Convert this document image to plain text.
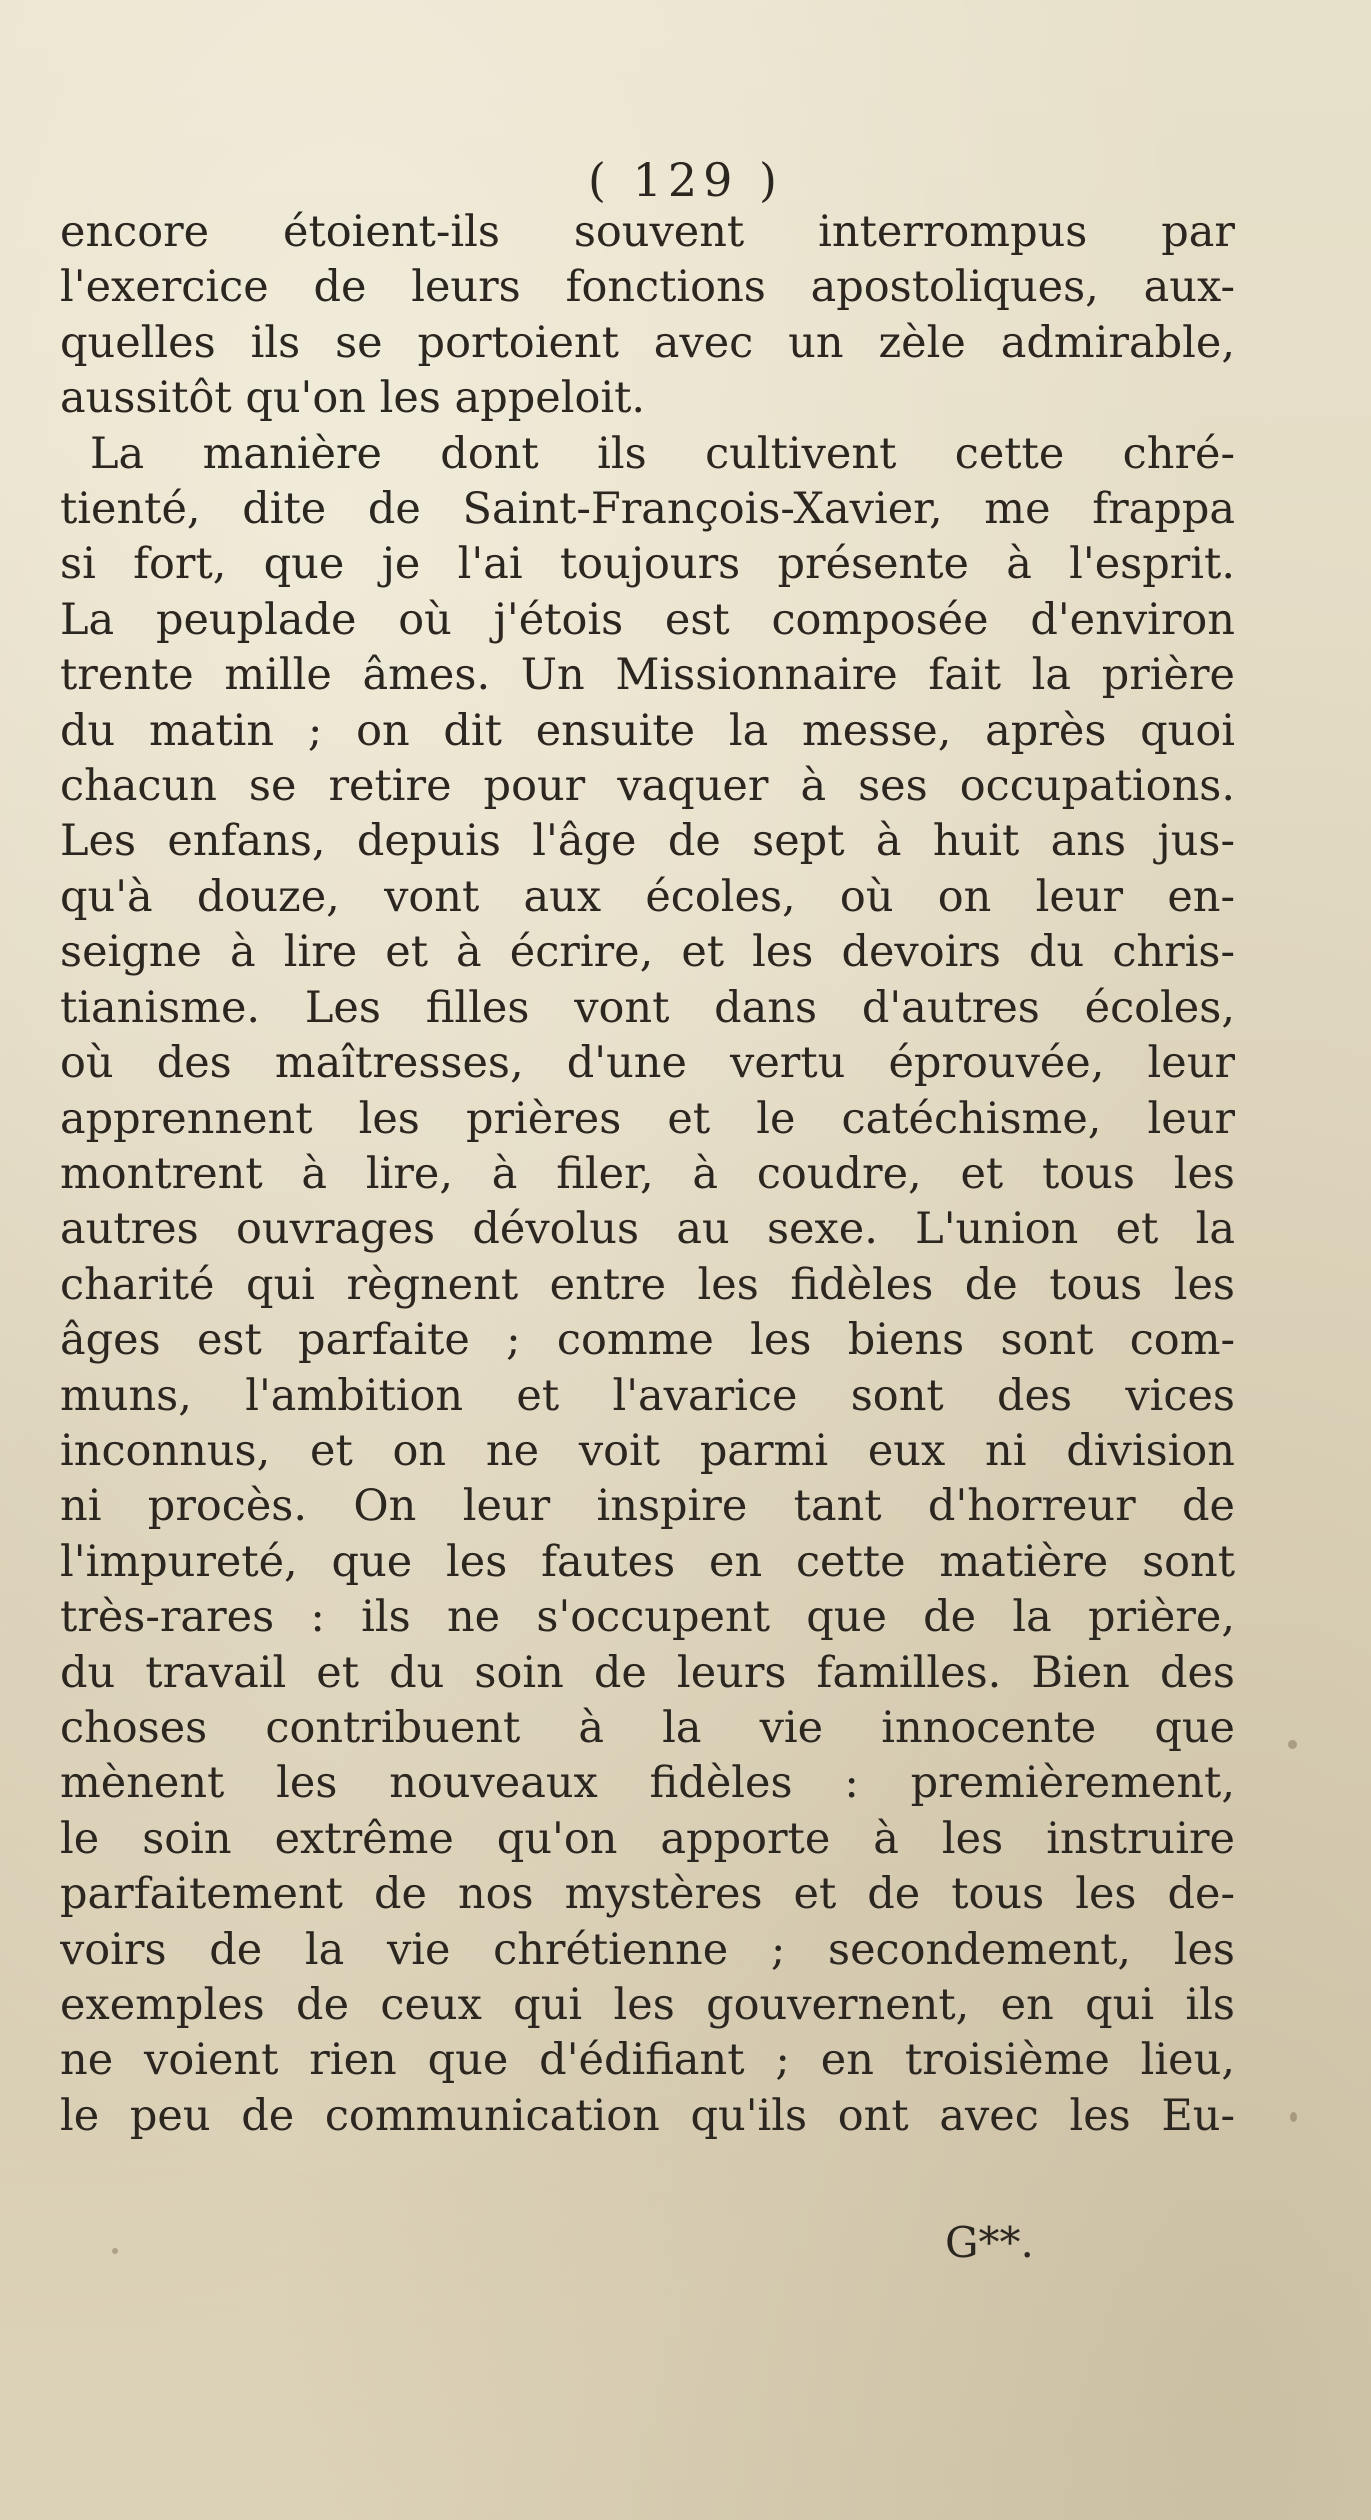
( 129 )
encore étoient-ils souvent interrompus par
l'exercice de leurs fonctions apostoliques, aux-
quelles ils se portoient avec un zèle admirable,
aussitôt qu'on les appeloit.
La manière dont ils cultivent cette chré-
tienté, dite de Saint-François-Xavier, me frappa
si fort, que je l'ai toujours présente à l'esprit.
La peuplade où j'étois est composée d'environ
trente mille âmes. Un Missionnaire fait la prière
du matin ; on dit ensuite la messe, après quoi
chacun se retire pour vaquer à ses occupations.
Les enfans, depuis l'âge de sept à huit ans jus-
qu'à douze, vont aux écoles, où on leur en-
seigne à lire et à écrire, et les devoirs du chris-
tianisme. Les filles vont dans d'autres écoles,
où des maîtresses, d'une vertu éprouvée, leur
apprennent les prières et le catéchisme, leur
montrent à lire, à filer, à coudre, et tous les
autres ouvrages dévolus au sexe. L'union et la
charité qui règnent entre les fidèles de tous les
âges est parfaite ; comme les biens sont com-
muns, l'ambition et l'avarice sont des vices
inconnus, et on ne voit parmi eux ni division
ni procès. On leur inspire tant d'horreur de
l'impureté, que les fautes en cette matière sont
très-rares : ils ne s'occupent que de la prière,
du travail et du soin de leurs familles. Bien des
choses contribuent à la vie innocente que
mènent les nouveaux fidèles : premièrement,
le soin extrême qu'on apporte à les instruire
parfaitement de nos mystères et de tous les de-
voirs de la vie chrétienne ; secondement, les
exemples de ceux qui les gouvernent, en qui ils
ne voient rien que d'édifiant ; en troisième lieu,
le peu de communication qu'ils ont avec les Eu-
G**.
